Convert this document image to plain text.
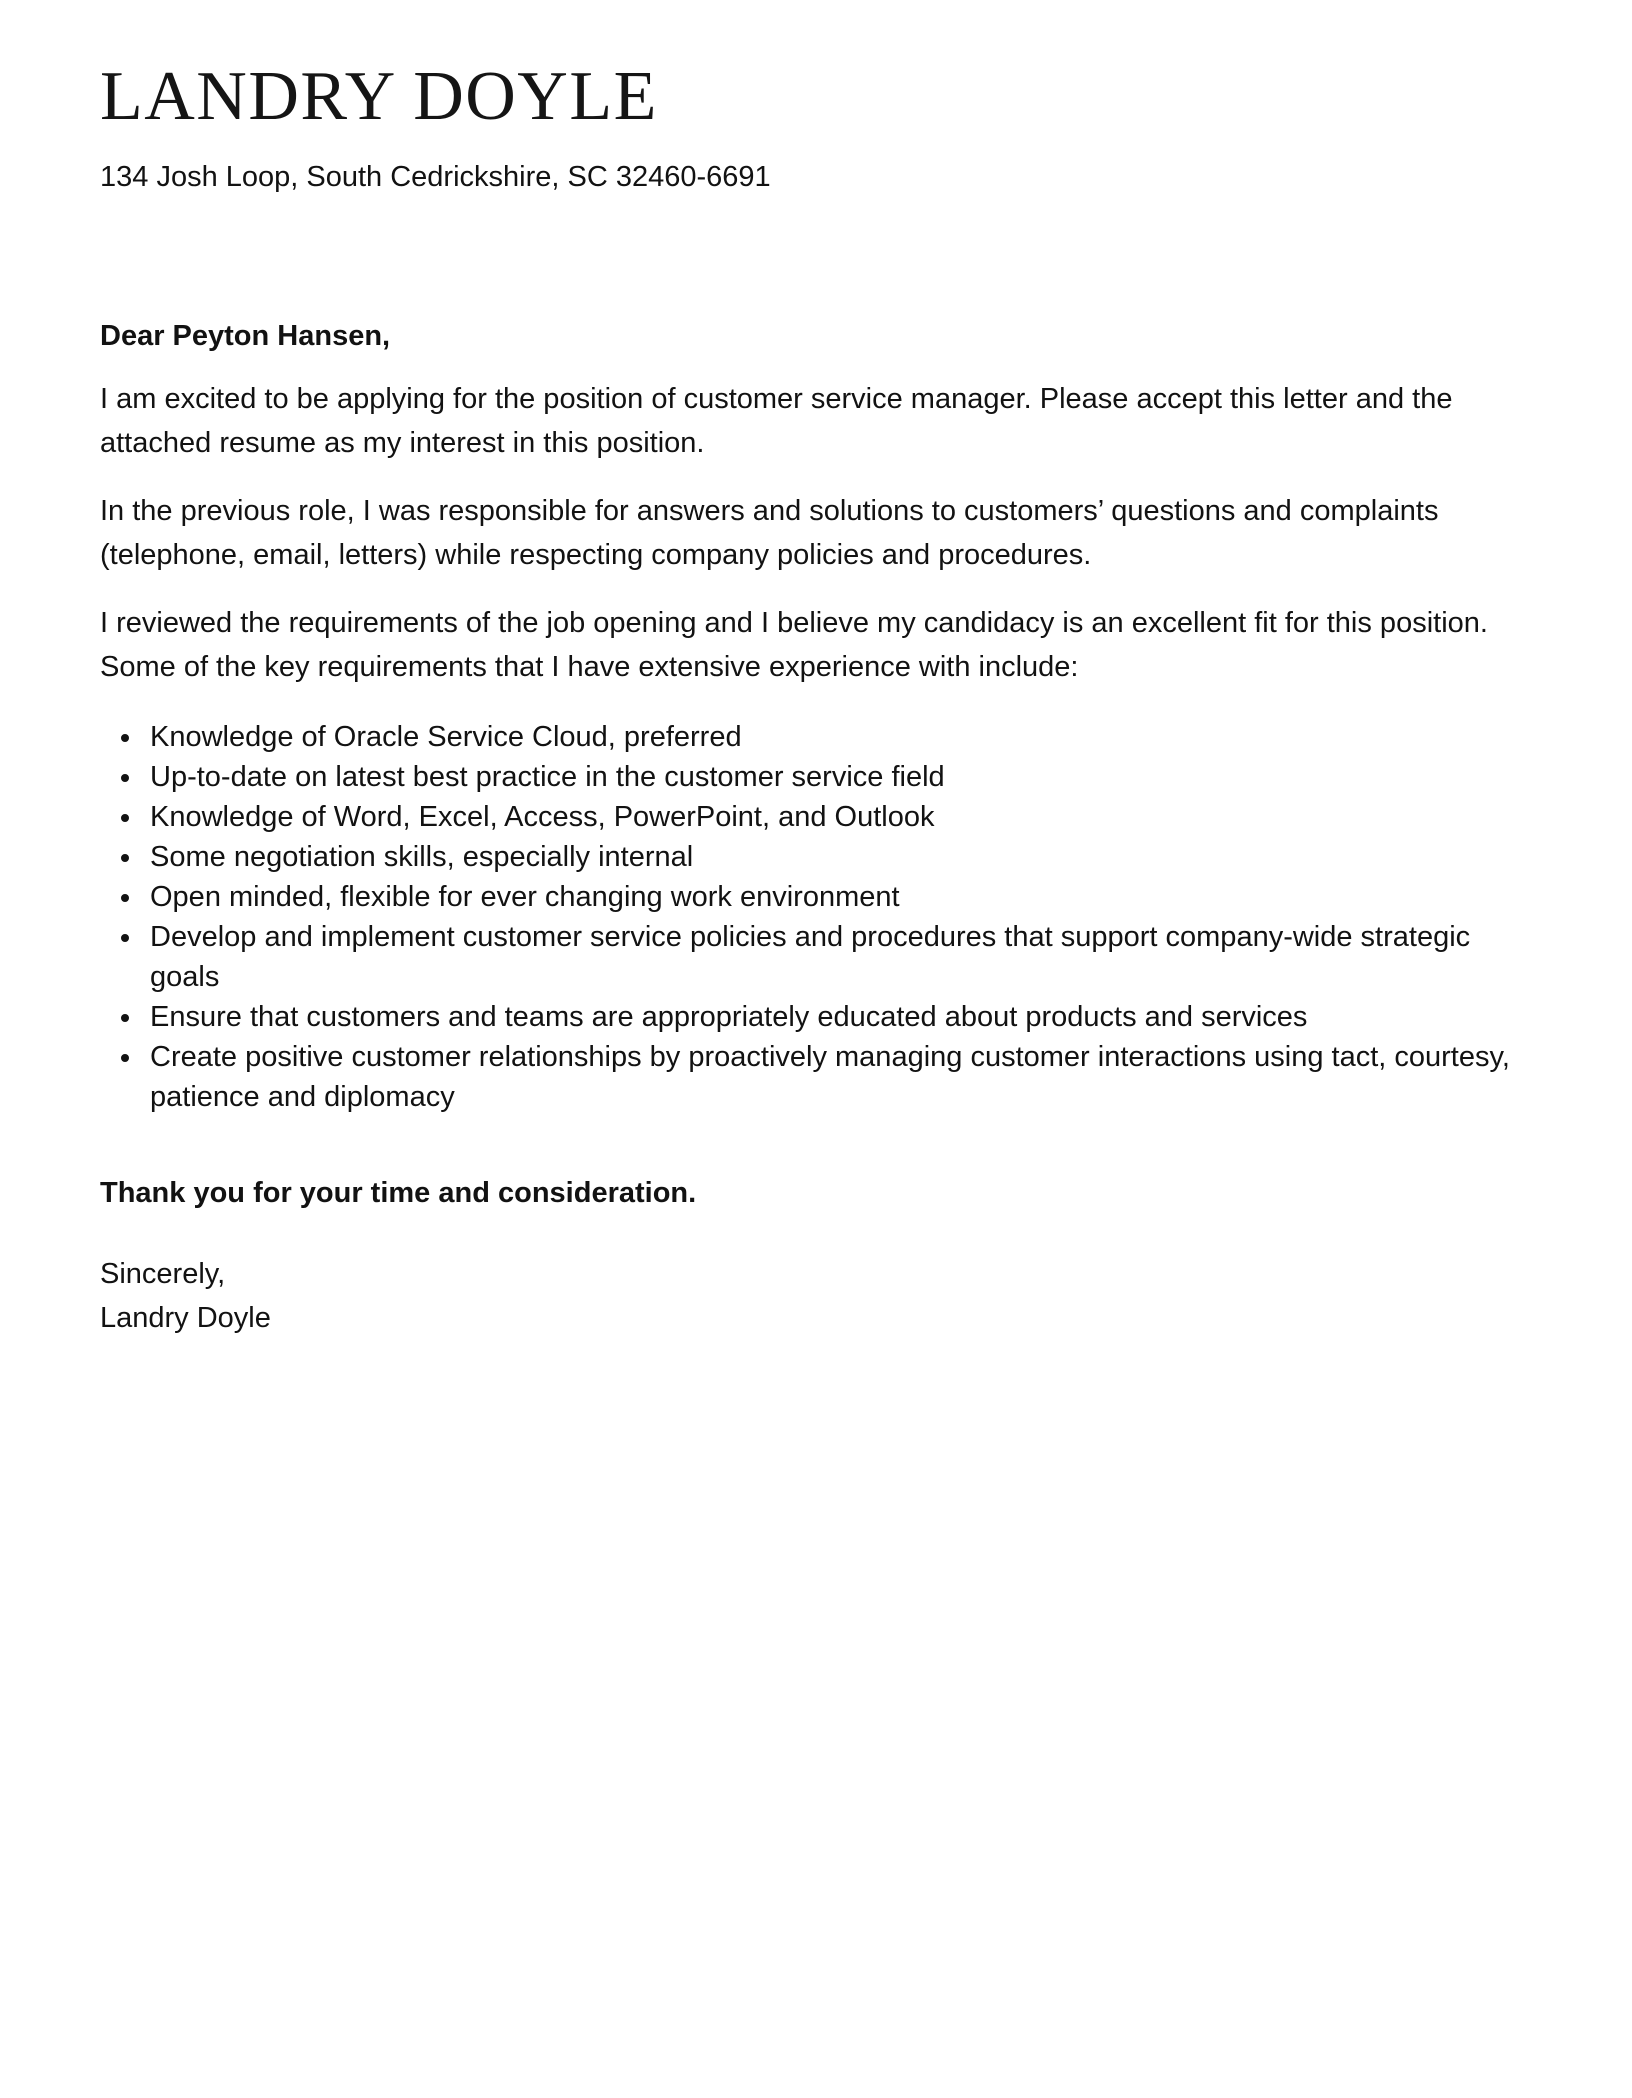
LANDRY DOYLE
134 Josh Loop, South Cedrickshire, SC 32460-6691
Dear Peyton Hansen,

I am excited to be applying for the position of customer service manager. Please accept this letter and the attached resume as my interest in this position.

In the previous role, I was responsible for answers and solutions to customers’ questions and complaints (telephone, email, letters) while respecting company policies and procedures.

I reviewed the requirements of the job opening and I believe my candidacy is an excellent fit for this position. Some of the key requirements that I have extensive experience with include:

• Knowledge of Oracle Service Cloud, preferred
• Up-to-date on latest best practice in the customer service field
• Knowledge of Word, Excel, Access, PowerPoint, and Outlook
• Some negotiation skills, especially internal
• Open minded, flexible for ever changing work environment
• Develop and implement customer service policies and procedures that support company-wide strategic goals
• Ensure that customers and teams are appropriately educated about products and services
• Create positive customer relationships by proactively managing customer interactions using tact, courtesy, patience and diplomacy
Thank you for your time and consideration.
Sincerely,
Landry Doyle
